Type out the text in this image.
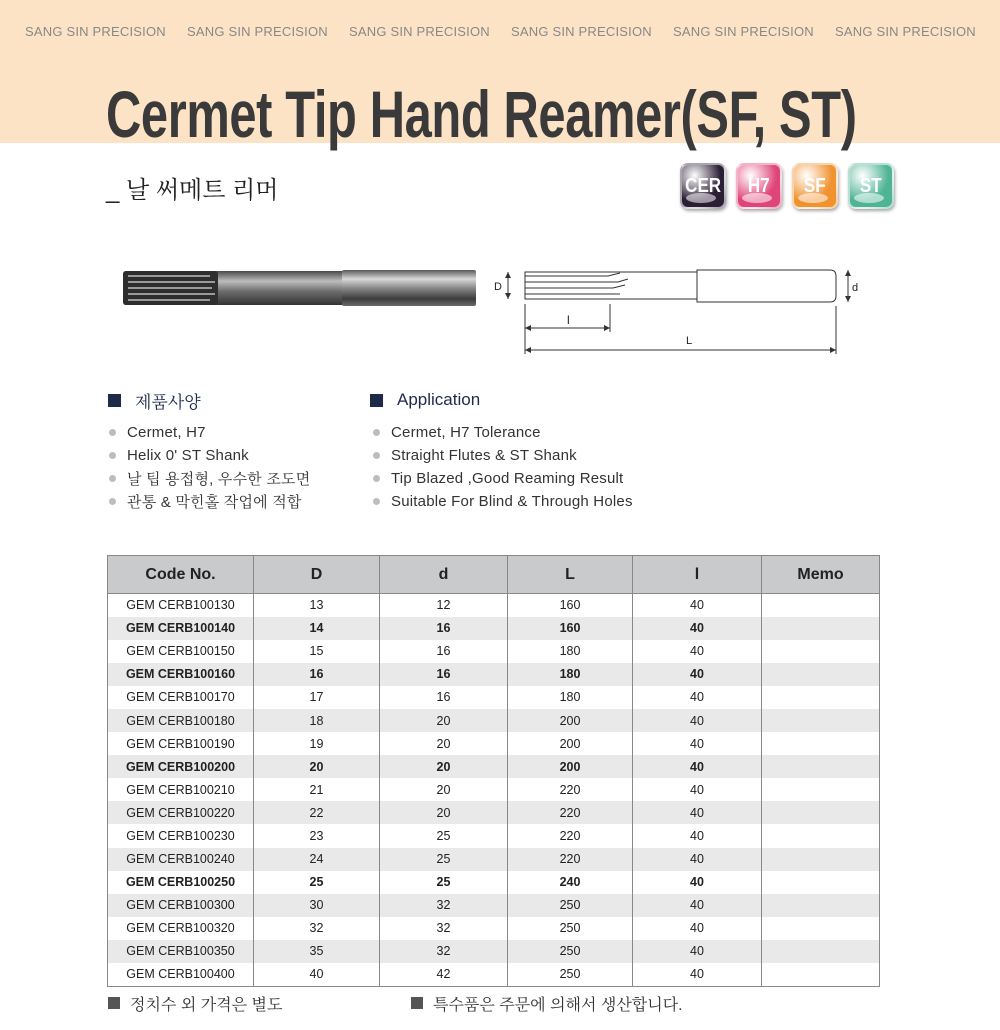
SANG SIN PRECISION SANG SIN PRECISION SANG SIN PRECISION SANG SIN PRECISION SANG SIN PRECISION SANG SIN PRECISION
Cermet Tip Hand Reamer(SF, ST)
_ 날 써메트 리머	CER H7 SF ST
D	d
l
L
제품사양
Cermet, H7
Helix 0' ST Shank
날 팁 용접형, 우수한 조도면
관통 & 막힌홀 작업에 적합
Application
Cermet, H7 Tolerance
Straight Flutes & ST Shank
Tip Blazed ,Good Reaming Result
Suitable For Blind & Through Holes
Code No.	D	d	L	l	Memo
GEM CERB100130	13	12	160	40	
GEM CERB100140	14	16	160	40	
GEM CERB100150	15	16	180	40	
GEM CERB100160	16	16	180	40	
GEM CERB100170	17	16	180	40	
GEM CERB100180	18	20	200	40	
GEM CERB100190	19	20	200	40	
GEM CERB100200	20	20	200	40	
GEM CERB100210	21	20	220	40	
GEM CERB100220	22	20	220	40	
GEM CERB100230	23	25	220	40	
GEM CERB100240	24	25	220	40	
GEM CERB100250	25	25	240	40	
GEM CERB100300	30	32	250	40	
GEM CERB100320	32	32	250	40	
GEM CERB100350	35	32	250	40	
GEM CERB100400	40	42	250	40	
정치수 외 가격은 별도	특수품은 주문에 의해서 생산합니다.
